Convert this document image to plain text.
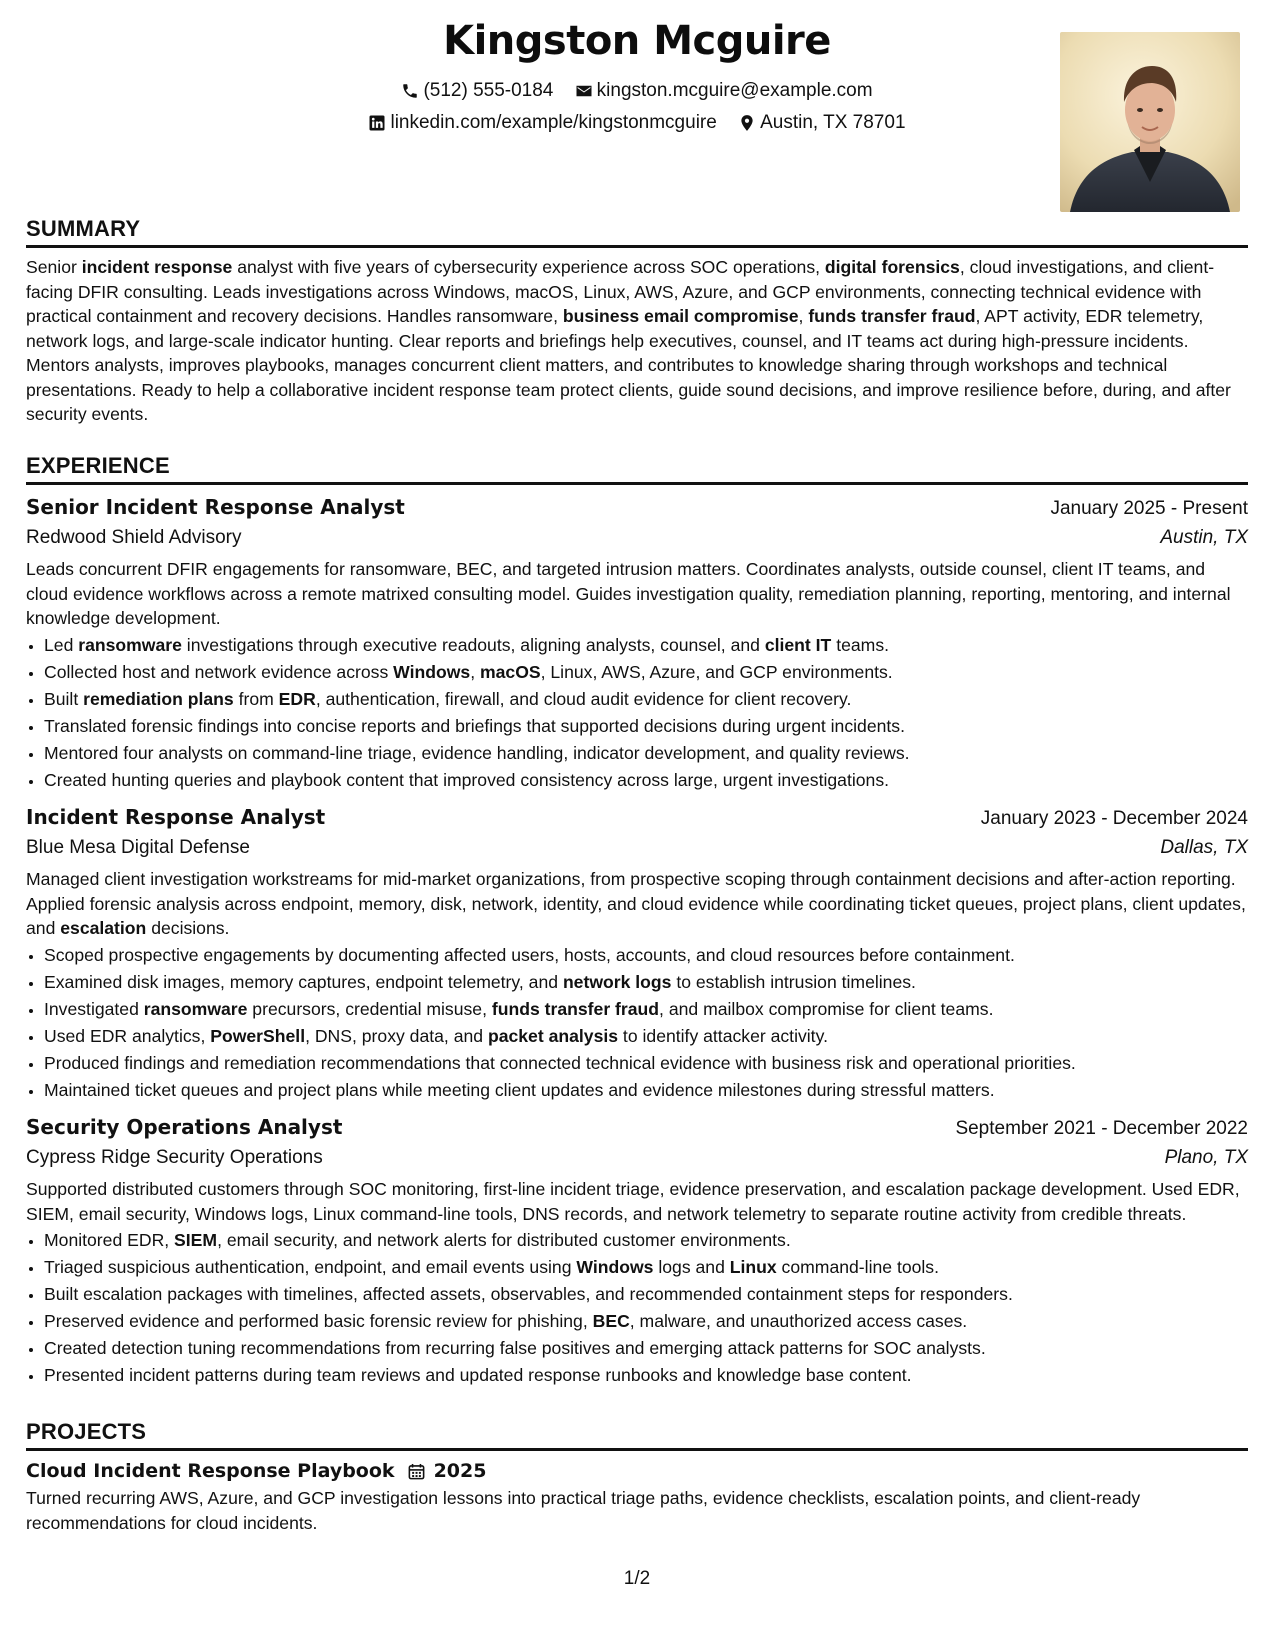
Kingston Mcguire
(512) 555-0184
kingston.mcguire@example.com
linkedin.com/example/kingstonmcguire
Austin, TX 78701
SUMMARY
Senior incident response analyst with five years of cybersecurity experience across SOC operations, digital forensics, cloud investigations, and client-facing DFIR consulting. Leads investigations across Windows, macOS, Linux, AWS, Azure, and GCP environments, connecting technical evidence with practical containment and recovery decisions. Handles ransomware, business email compromise, funds transfer fraud, APT activity, EDR telemetry, network logs, and large-scale indicator hunting. Clear reports and briefings help executives, counsel, and IT teams act during high-pressure incidents. Mentors analysts, improves playbooks, manages concurrent client matters, and contributes to knowledge sharing through workshops and technical presentations. Ready to help a collaborative incident response team protect clients, guide sound decisions, and improve resilience before, during, and after security events.
EXPERIENCE
Senior Incident Response Analyst	January 2025 - Present
Redwood Shield Advisory	Austin, TX
Leads concurrent DFIR engagements for ransomware, BEC, and targeted intrusion matters. Coordinates analysts, outside counsel, client IT teams, and cloud evidence workflows across a remote matrixed consulting model. Guides investigation quality, remediation planning, reporting, mentoring, and internal knowledge development.
• Led ransomware investigations through executive readouts, aligning analysts, counsel, and client IT teams.
• Collected host and network evidence across Windows, macOS, Linux, AWS, Azure, and GCP environments.
• Built remediation plans from EDR, authentication, firewall, and cloud audit evidence for client recovery.
• Translated forensic findings into concise reports and briefings that supported decisions during urgent incidents.
• Mentored four analysts on command-line triage, evidence handling, indicator development, and quality reviews.
• Created hunting queries and playbook content that improved consistency across large, urgent investigations.
Incident Response Analyst	January 2023 - December 2024
Blue Mesa Digital Defense	Dallas, TX
Managed client investigation workstreams for mid-market organizations, from prospective scoping through containment decisions and after-action reporting. Applied forensic analysis across endpoint, memory, disk, network, identity, and cloud evidence while coordinating ticket queues, project plans, client updates, and escalation decisions.
• Scoped prospective engagements by documenting affected users, hosts, accounts, and cloud resources before containment.
• Examined disk images, memory captures, endpoint telemetry, and network logs to establish intrusion timelines.
• Investigated ransomware precursors, credential misuse, funds transfer fraud, and mailbox compromise for client teams.
• Used EDR analytics, PowerShell, DNS, proxy data, and packet analysis to identify attacker activity.
• Produced findings and remediation recommendations that connected technical evidence with business risk and operational priorities.
• Maintained ticket queues and project plans while meeting client updates and evidence milestones during stressful matters.
Security Operations Analyst	September 2021 - December 2022
Cypress Ridge Security Operations	Plano, TX
Supported distributed customers through SOC monitoring, first-line incident triage, evidence preservation, and escalation package development. Used EDR, SIEM, email security, Windows logs, Linux command-line tools, DNS records, and network telemetry to separate routine activity from credible threats.
• Monitored EDR, SIEM, email security, and network alerts for distributed customer environments.
• Triaged suspicious authentication, endpoint, and email events using Windows logs and Linux command-line tools.
• Built escalation packages with timelines, affected assets, observables, and recommended containment steps for responders.
• Preserved evidence and performed basic forensic review for phishing, BEC, malware, and unauthorized access cases.
• Created detection tuning recommendations from recurring false positives and emerging attack patterns for SOC analysts.
• Presented incident patterns during team reviews and updated response runbooks and knowledge base content.
PROJECTS
Cloud Incident Response Playbook 2025
Turned recurring AWS, Azure, and GCP investigation lessons into practical triage paths, evidence checklists, escalation points, and client-ready recommendations for cloud incidents.
1/2
